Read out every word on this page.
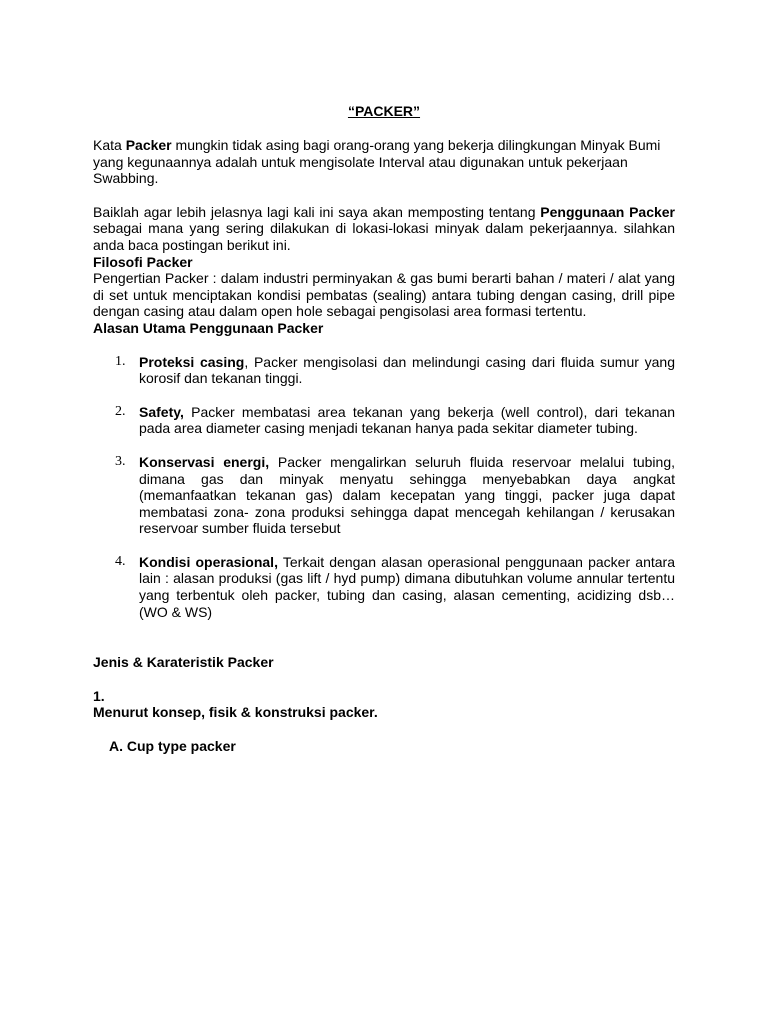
“PACKER”

Kata Packer mungkin tidak asing bagi orang-orang yang bekerja dilingkungan Minyak Bumi yang kegunaannya adalah untuk mengisolate Interval atau digunakan untuk pekerjaan Swabbing.

Baiklah agar lebih jelasnya lagi kali ini saya akan memposting tentang Penggunaan Packer sebagai mana yang sering dilakukan di lokasi-lokasi minyak dalam pekerjaannya. silahkan anda baca postingan berikut ini.

Filosofi Packer

Pengertian Packer : dalam industri perminyakan & gas bumi berarti bahan / materi / alat yang di set untuk menciptakan kondisi pembatas (sealing) antara tubing dengan casing, drill pipe dengan casing atau dalam open hole sebagai pengisolasi area formasi tertentu.

Alasan Utama Penggunaan Packer

1. Proteksi casing, Packer mengisolasi dan melindungi casing dari fluida sumur yang korosif dan tekanan tinggi.
2. Safety, Packer membatasi area tekanan yang bekerja (well control), dari tekanan pada area diameter casing menjadi tekanan hanya pada sekitar diameter tubing.
3. Konservasi energi, Packer mengalirkan seluruh fluida reservoar melalui tubing, dimana gas dan minyak menyatu sehingga menyebabkan daya angkat (memanfaatkan tekanan gas) dalam kecepatan yang tinggi, packer juga dapat membatasi zona- zona produksi sehingga dapat mencegah kehilangan / kerusakan reservoar sumber fluida tersebut
4. Kondisi operasional, Terkait dengan alasan operasional penggunaan packer antara lain : alasan produksi (gas lift / hyd pump) dimana dibutuhkan volume annular tertentu yang terbentuk oleh packer, tubing dan casing, alasan cementing, acidizing dsb… (WO & WS)

Jenis & Karateristik Packer

1.

Menurut konsep, fisik & konstruksi packer.

A. Cup type packer
